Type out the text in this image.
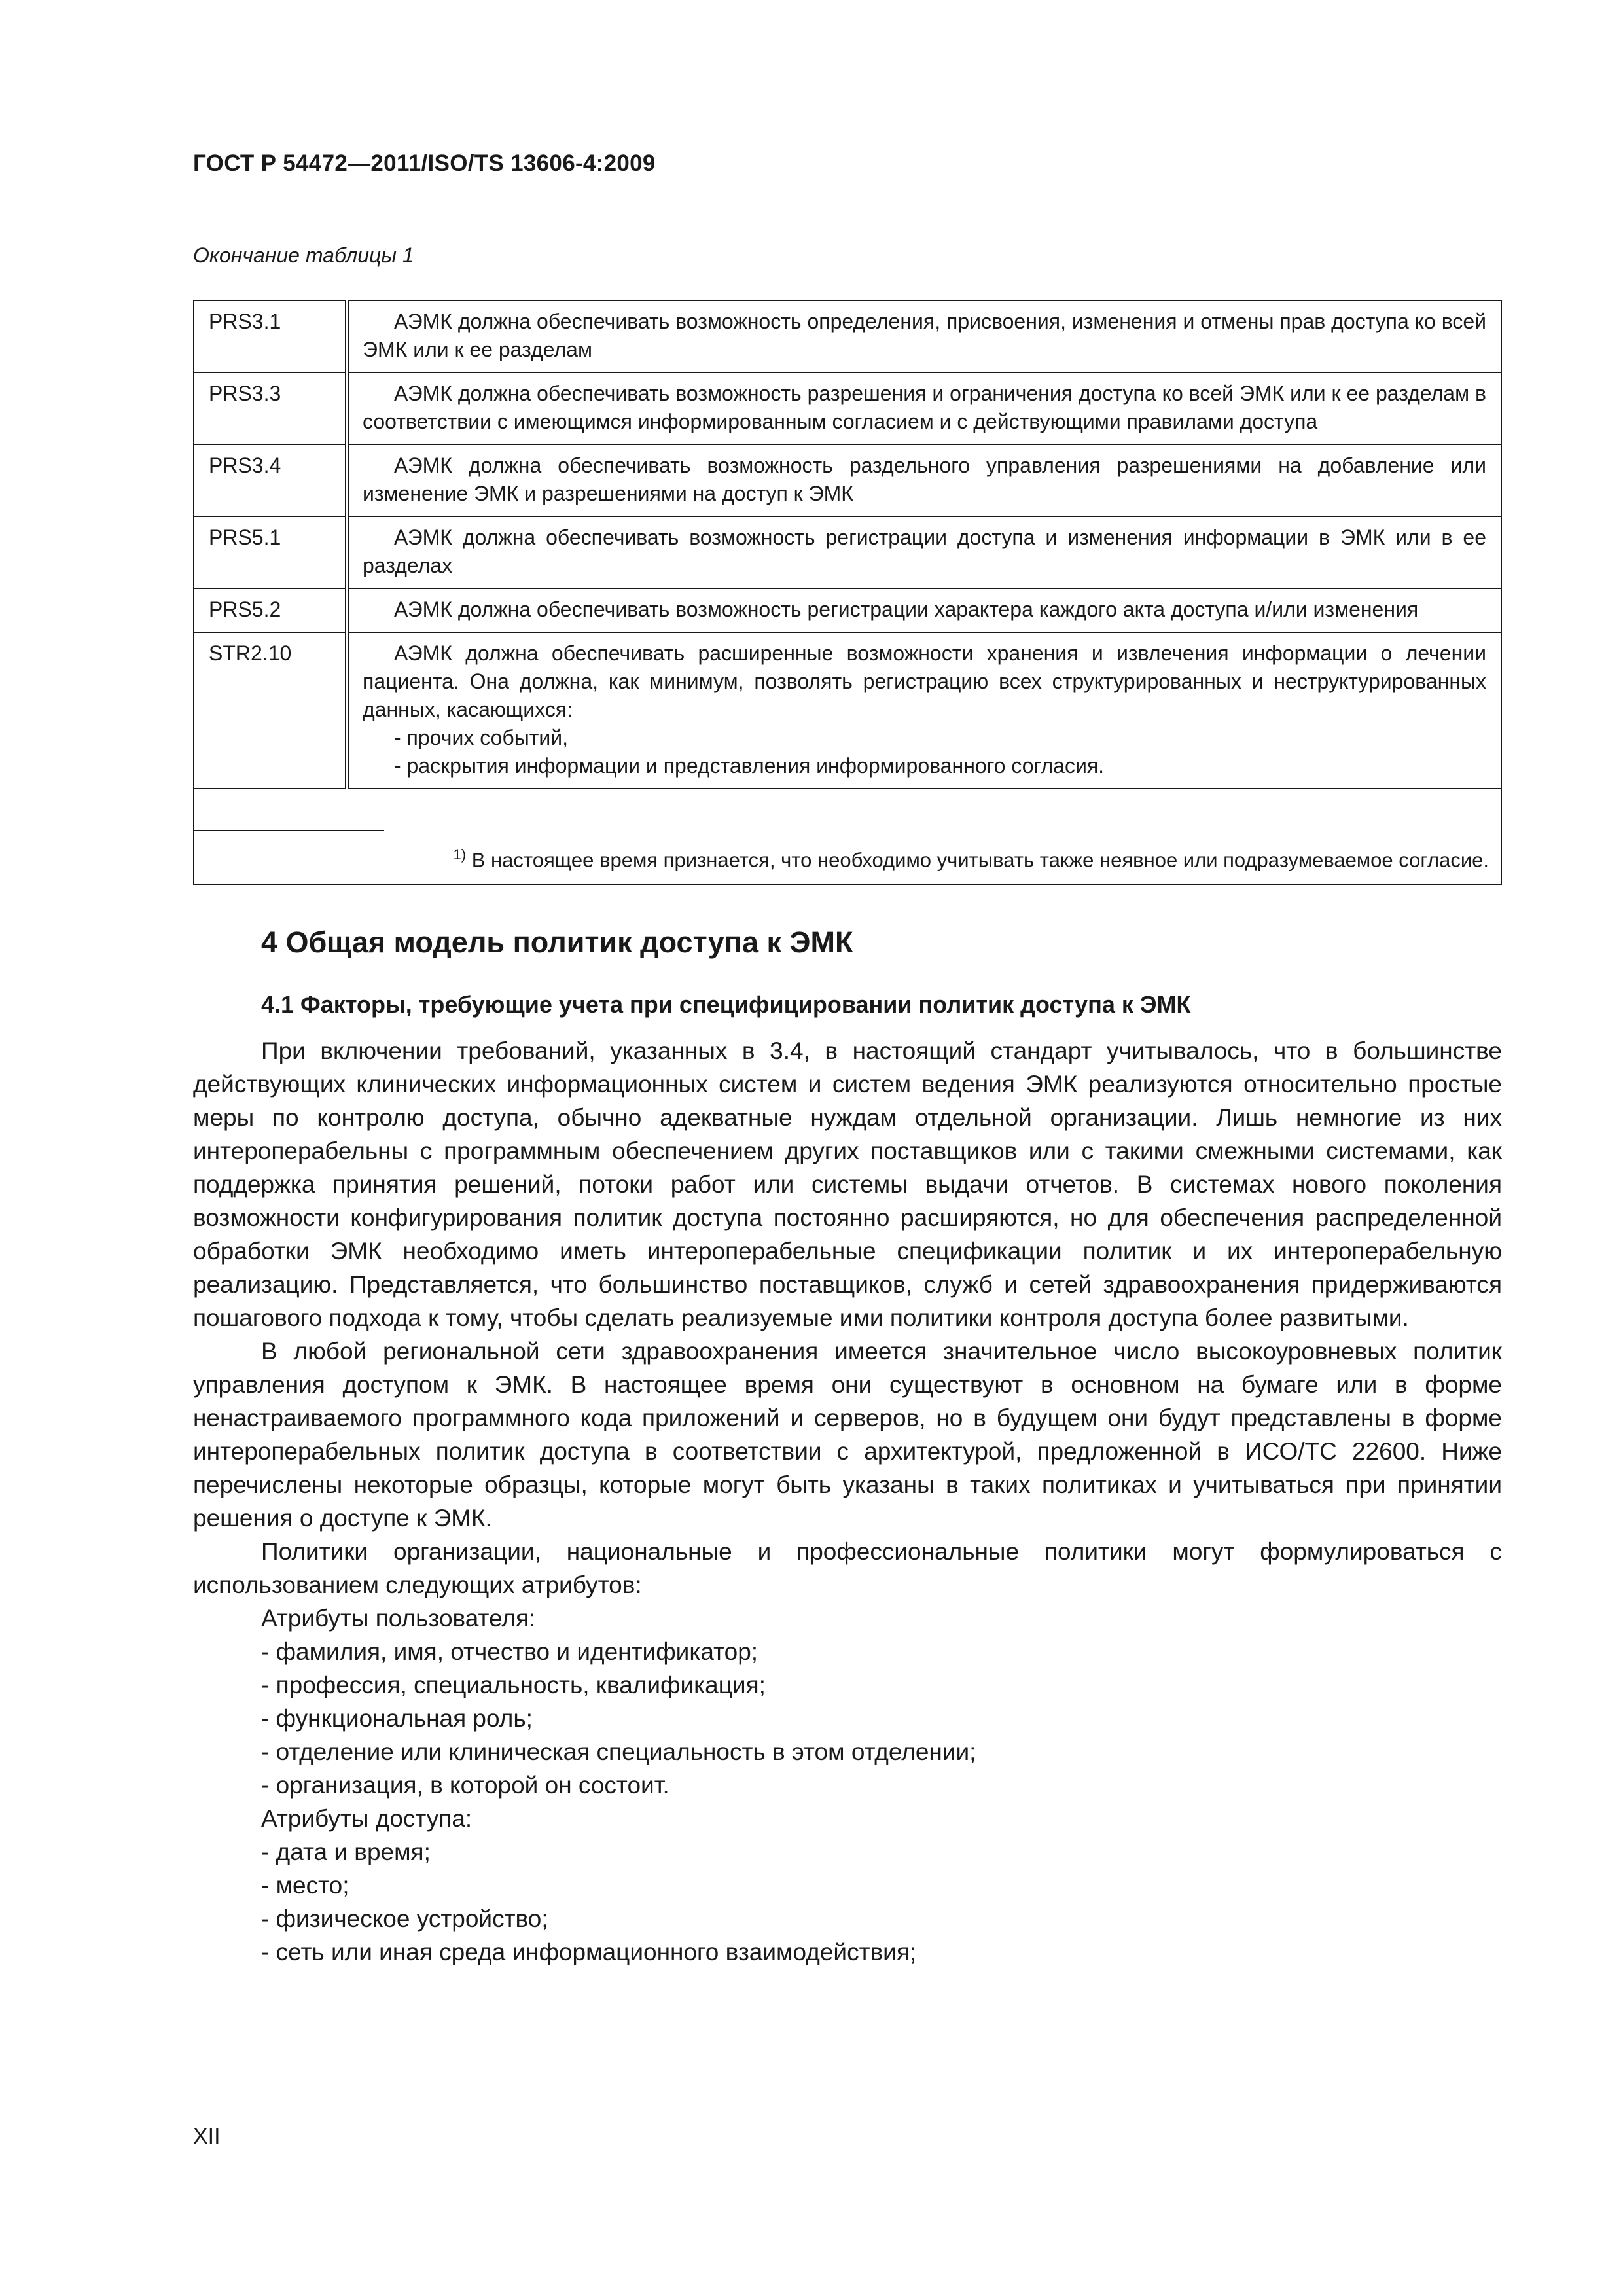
ГОСТ Р 54472—2011/ISO/TS 13606-4:2009
Окончание таблицы 1
PRS3.1	АЭМК должна обеспечивать возможность определения, присвоения, изменения и отмены прав доступа ко всей ЭМК или к ее разделам

PRS3.3	АЭМК должна обеспечивать возможность разрешения и ограничения доступа ко всей ЭМК или к ее разделам в соответствии с имеющимся информированным согласием и с действующими правилами доступа

PRS3.4	АЭМК должна обеспечивать возможность раздельного управления разрешениями на добавление или изменение ЭМК и разрешениями на доступ к ЭМК

PRS5.1	АЭМК должна обеспечивать возможность регистрации доступа и изменения информации в ЭМК или в ее разделах

PRS5.2	АЭМК должна обеспечивать возможность регистрации характера каждого акта доступа и/или изменения

STR2.10	АЭМК должна обеспечивать расширенные возможности хранения и извлечения информации о лечении пациента. Она должна, как минимум, позволять регистрацию всех структурированных и неструктурированных данных, касающихся:
- прочих событий,
- раскрытия информации и представления информированного согласия.

$^{1)}$ В настоящее время признается, что необходимо учитывать также неявное или подразумеваемое согласие.	
4 Общая модель политик доступа к ЭМК
4.1 Факторы, требующие учета при специфицировании политик доступа к ЭМК

При включении требований, указанных в 3.4, в настоящий стандарт учитывалось, что в большинстве действующих клинических информационных систем и систем ведения ЭМК реализуются относительно простые меры по контролю доступа, обычно адекватные нуждам отдельной организации. Лишь немногие из них интероперабельны с программным обеспечением других поставщиков или с такими смежными системами, как поддержка принятия решений, потоки работ или системы выдачи отчетов. В системах нового поколения возможности конфигурирования политик доступа постоянно расширяются, но для обеспечения распределенной обработки ЭМК необходимо иметь интероперабельные спецификации политик и их интероперабельную реализацию. Представляется, что большинство поставщиков, служб и сетей здравоохранения придерживаются пошагового подхода к тому, чтобы сделать реализуемые ими политики контроля доступа более развитыми.

В любой региональной сети здравоохранения имеется значительное число высокоуровневых политик управления доступом к ЭМК. В настоящее время они существуют в основном на бумаге или в форме ненастраиваемого программного кода приложений и серверов, но в будущем они будут представлены в форме интероперабельных политик доступа в соответствии с архитектурой, предложенной в ИСО/ТС 22600. Ниже перечислены некоторые образцы, которые могут быть указаны в таких политиках и учитываться при принятии решения о доступе к ЭМК.

Политики организации, национальные и профессиональные политики могут формулироваться с использованием следующих атрибутов:

Атрибуты пользователя:
- фамилия, имя, отчество и идентификатор;
- профессия, специальность, квалификация;
- функциональная роль;
- отделение или клиническая специальность в этом отделении;
- организация, в которой он состоит.
Атрибуты доступа:
- дата и время;
- место;
- физическое устройство;
- сеть или иная среда информационного взаимодействия;
XII
